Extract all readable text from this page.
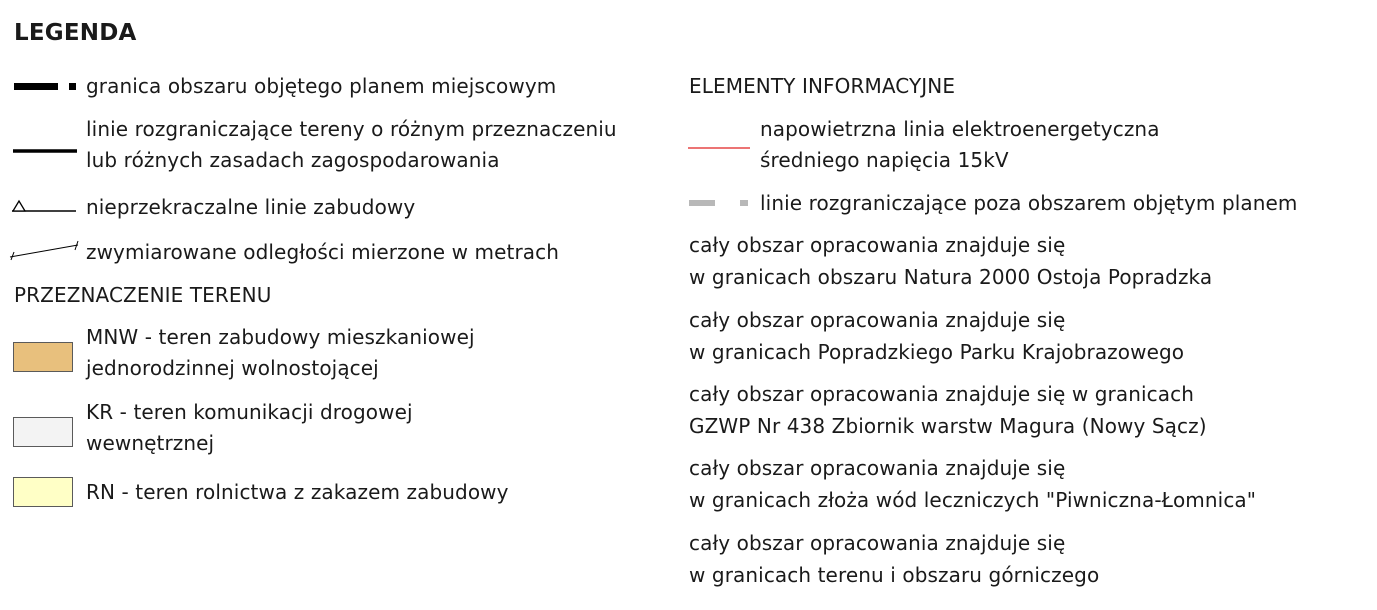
LEGENDA
granica obszaru objętego planem miejscowym
linie rozgraniczające tereny o różnym przeznaczeniu
lub różnych zasadach zagospodarowania
nieprzekraczalne linie zabudowy
zwymiarowane odległości mierzone w metrach
PRZEZNACZENIE TERENU
MNW - teren zabudowy mieszkaniowej
jednorodzinnej wolnostojącej
KR - teren komunikacji drogowej
wewnętrznej
RN - teren rolnictwa z zakazem zabudowy
ELEMENTY INFORMACYJNE
napowietrzna linia elektroenergetyczna
średniego napięcia 15kV
linie rozgraniczające poza obszarem objętym planem
cały obszar opracowania znajduje się
w granicach obszaru Natura 2000 Ostoja Popradzka
cały obszar opracowania znajduje się
w granicach Popradzkiego Parku Krajobrazowego
cały obszar opracowania znajduje się w granicach
GZWP Nr 438 Zbiornik warstw Magura (Nowy Sącz)
cały obszar opracowania znajduje się
w granicach złoża wód leczniczych "Piwniczna-Łomnica"
cały obszar opracowania znajduje się
w granicach terenu i obszaru górniczego
